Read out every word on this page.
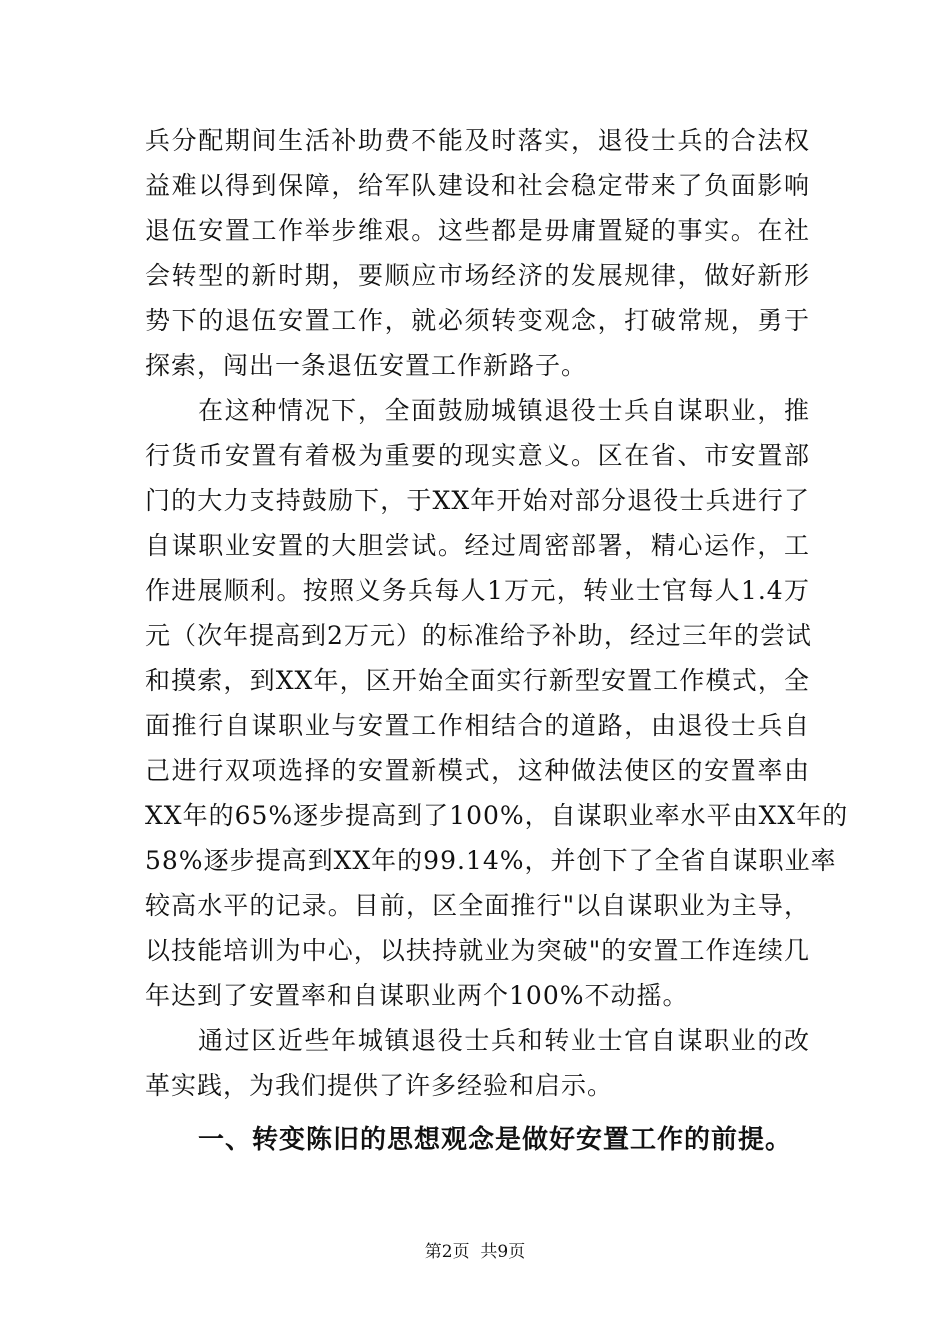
兵分配期间生活补助费不能及时落实，退役士兵的合法权
益难以得到保障，给军队建设和社会稳定带来了负面影响
退伍安置工作举步维艰。这些都是毋庸置疑的事实。在社
会转型的新时期，要顺应市场经济的发展规律，做好新形
势下的退伍安置工作，就必须转变观念，打破常规，勇于
探索，闯出一条退伍安置工作新路子。
在这种情况下，全面鼓励城镇退役士兵自谋职业，推
行货币安置有着极为重要的现实意义。区在省、市安置部
门的大力支持鼓励下，于XX年开始对部分退役士兵进行了
自谋职业安置的大胆尝试。经过周密部署，精心运作，工
作进展顺利。按照义务兵每人1万元，转业士官每人1.4万
元（次年提高到2万元）的标准给予补助，经过三年的尝试
和摸索，到XX年，区开始全面实行新型安置工作模式，全
面推行自谋职业与安置工作相结合的道路，由退役士兵自
己进行双项选择的安置新模式，这种做法使区的安置率由
XX年的65%逐步提高到了100%，自谋职业率水平由XX年的
58%逐步提高到XX年的99.14%，并创下了全省自谋职业率
较高水平的记录。目前，区全面推行"以自谋职业为主导，
以技能培训为中心，以扶持就业为突破"的安置工作连续几
年达到了安置率和自谋职业两个100%不动摇。
通过区近些年城镇退役士兵和转业士官自谋职业的改
革实践，为我们提供了许多经验和启示。
一、转变陈旧的思想观念是做好安置工作的前提。
第2页  共9页
